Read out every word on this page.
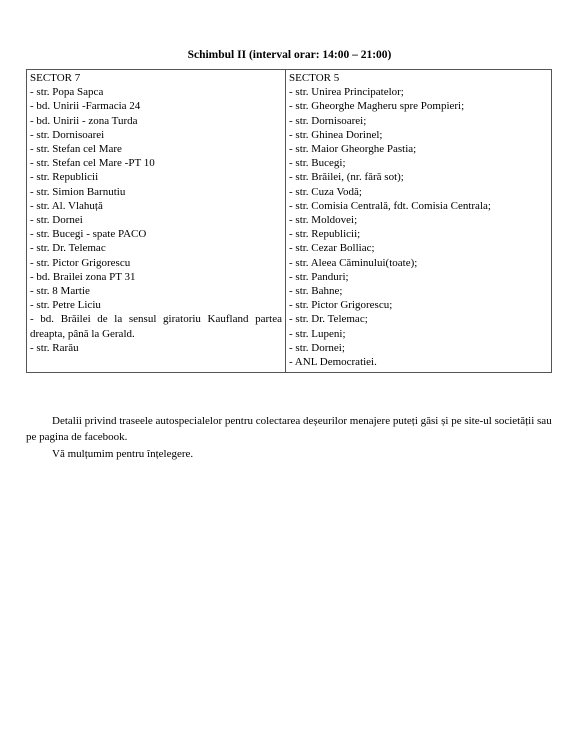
Schimbul II (interval orar: 14:00 – 21:00)
SECTOR 7
- str. Popa Sapca
- bd. Unirii -Farmacia 24
- bd. Unirii - zona Turda
- str. Dornisoarei
- str. Stefan cel Mare
- str. Stefan cel Mare -PT 10
- str. Republicii
- str. Simion Barnutiu
- str. Al. Vlahuță
- str. Dornei
- str. Bucegi - spate PACO
- str. Dr. Telemac
- str. Pictor Grigorescu
- bd. Brailei zona PT 31
- str. 8 Martie
- str. Petre Liciu
- bd. Brăilei de la sensul giratoriu Kaufland partea
dreapta, până la Gerald.
- str. Rarău

SECTOR 5
- str. Unirea Principatelor;
- str. Gheorghe Magheru spre Pompieri;
- str. Dornisoarei;
- str. Ghinea Dorinel;
- str. Maior Gheorghe Pastia;
- str. Bucegi;
- str. Brăilei, (nr. fără sot);
- str. Cuza Vodă;
- str. Comisia Centrală, fdt. Comisia Centrala;
- str. Moldovei;
- str. Republicii;
- str. Cezar Bolliac;
- str. Aleea Căminului(toate);
- str. Panduri;
- str. Bahne;
- str. Pictor Grigorescu;
- str. Dr. Telemac;
- str. Lupeni;
- str. Dornei;
- ANL Democratiei.

Detalii privind traseele autospecialelor pentru colectarea deșeurilor menajere puteți găsi și pe site-ul societății sau pe pagina de facebook.

Vă mulțumim pentru înțelegere.
